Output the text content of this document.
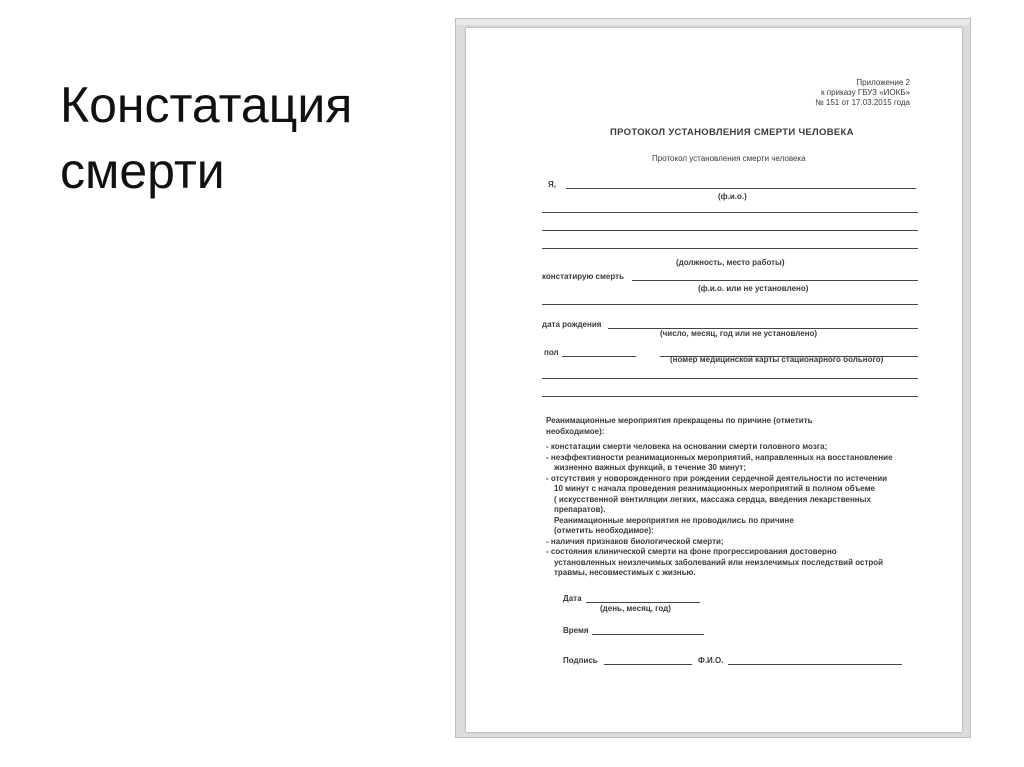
Констатация
смерти
Приложение 2
к приказу ГБУЗ «ИОКБ»
№ 151 от 17.03.2015 года
ПРОТОКОЛ УСТАНОВЛЕНИЯ СМЕРТИ ЧЕЛОВЕКА
Протокол установления смерти человека
Я,
(ф.и.о.)
(должность, место работы)
констатирую смерть
(ф.и.о. или не установлено)
дата рождения
(число, месяц, год или не установлено)
пол
(номер медицинской карты стационарного больного)
Реанимационные мероприятия прекращены по причине (отметить
необходимое):
- констатации смерти человека на основании смерти головного мозга;
- неэффективности реанимационных мероприятий, направленных на восстановление
жизненно важных функций, в течение 30 минут;
- отсутствия у новорожденного при рождении сердечной деятельности по истечении
10 минут с начала проведения реанимационных мероприятий в полном объеме
( искусственной вентиляции легких, массажа сердца, введения лекарственных
препаратов).
Реанимационные мероприятия не проводились по причине
(отметить необходимое):
- наличия признаков биологической смерти;
- состояния клинической смерти на фоне прогрессирования достоверно
установленных неизлечимых заболеваний или неизлечимых последствий острой
травмы, несовместимых с жизнью.
Дата
(день, месяц, год)
Время
Подпись	Ф.И.О.
